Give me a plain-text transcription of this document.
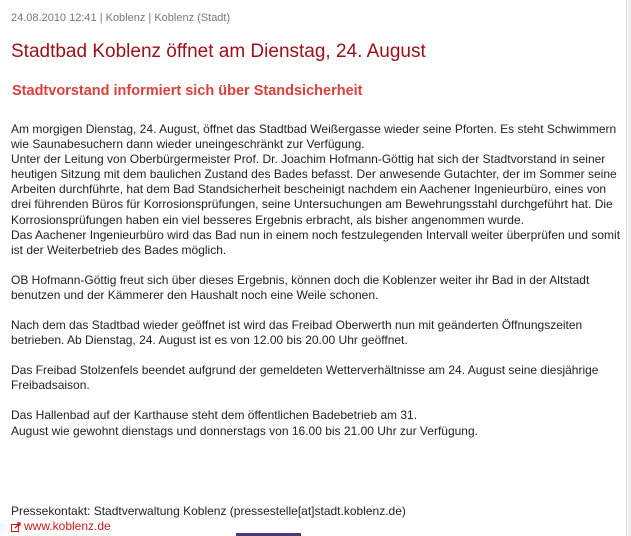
24.08.2010 12:41 | Koblenz | Koblenz (Stadt)
Stadtbad Koblenz öffnet am Dienstag, 24. August
Stadtvorstand informiert sich über Standsicherheit

Am morgigen Dienstag, 24. August, öffnet das Stadtbad Weißergasse wieder seine Pforten. Es steht Schwimmern wie Saunabesuchern dann wieder uneingeschränkt zur Verfügung.

Unter der Leitung von Oberbürgermeister Prof. Dr. Joachim Hofmann-Göttig hat sich der Stadtvorstand in seiner heutigen Sitzung mit dem baulichen Zustand des Bades befasst. Der anwesende Gutachter, der im Sommer seine Arbeiten durchführte, hat dem Bad Standsicherheit bescheinigt nachdem ein Aachener Ingenieurbüro, eines von drei führenden Büros für Korrosionsprüfungen, seine Untersuchungen am Bewehrungsstahl durchgeführt hat. Die Korrosionsprüfungen haben ein viel besseres Ergebnis erbracht, als bisher angenommen wurde.

Das Aachener Ingenieurbüro wird das Bad nun in einem noch festzulegenden Intervall weiter überprüfen und somit ist der Weiterbetrieb des Bades möglich.

OB Hofmann-Göttig freut sich über dieses Ergebnis, können doch die Koblenzer weiter ihr Bad in der Altstadt benutzen und der Kämmerer den Haushalt noch eine Weile schonen.

Nach dem das Stadtbad wieder geöffnet ist wird das Freibad Oberwerth nun mit geänderten Öffnungszeiten betrieben. Ab Dienstag, 24. August ist es von 12.00 bis 20.00 Uhr geöffnet.

Das Freibad Stolzenfels beendet aufgrund der gemeldeten Wetterverhältnisse am 24. August seine diesjährige Freibadsaison.

Das Hallenbad auf der Karthause steht dem öffentlichen Badebetrieb am 31.

August wie gewohnt dienstags und donnerstags von 16.00 bis 21.00 Uhr zur Verfügung.

Pressekontakt: Stadtverwaltung Koblenz (pressestelle[at]stadt.koblenz.de)
www.koblenz.de
